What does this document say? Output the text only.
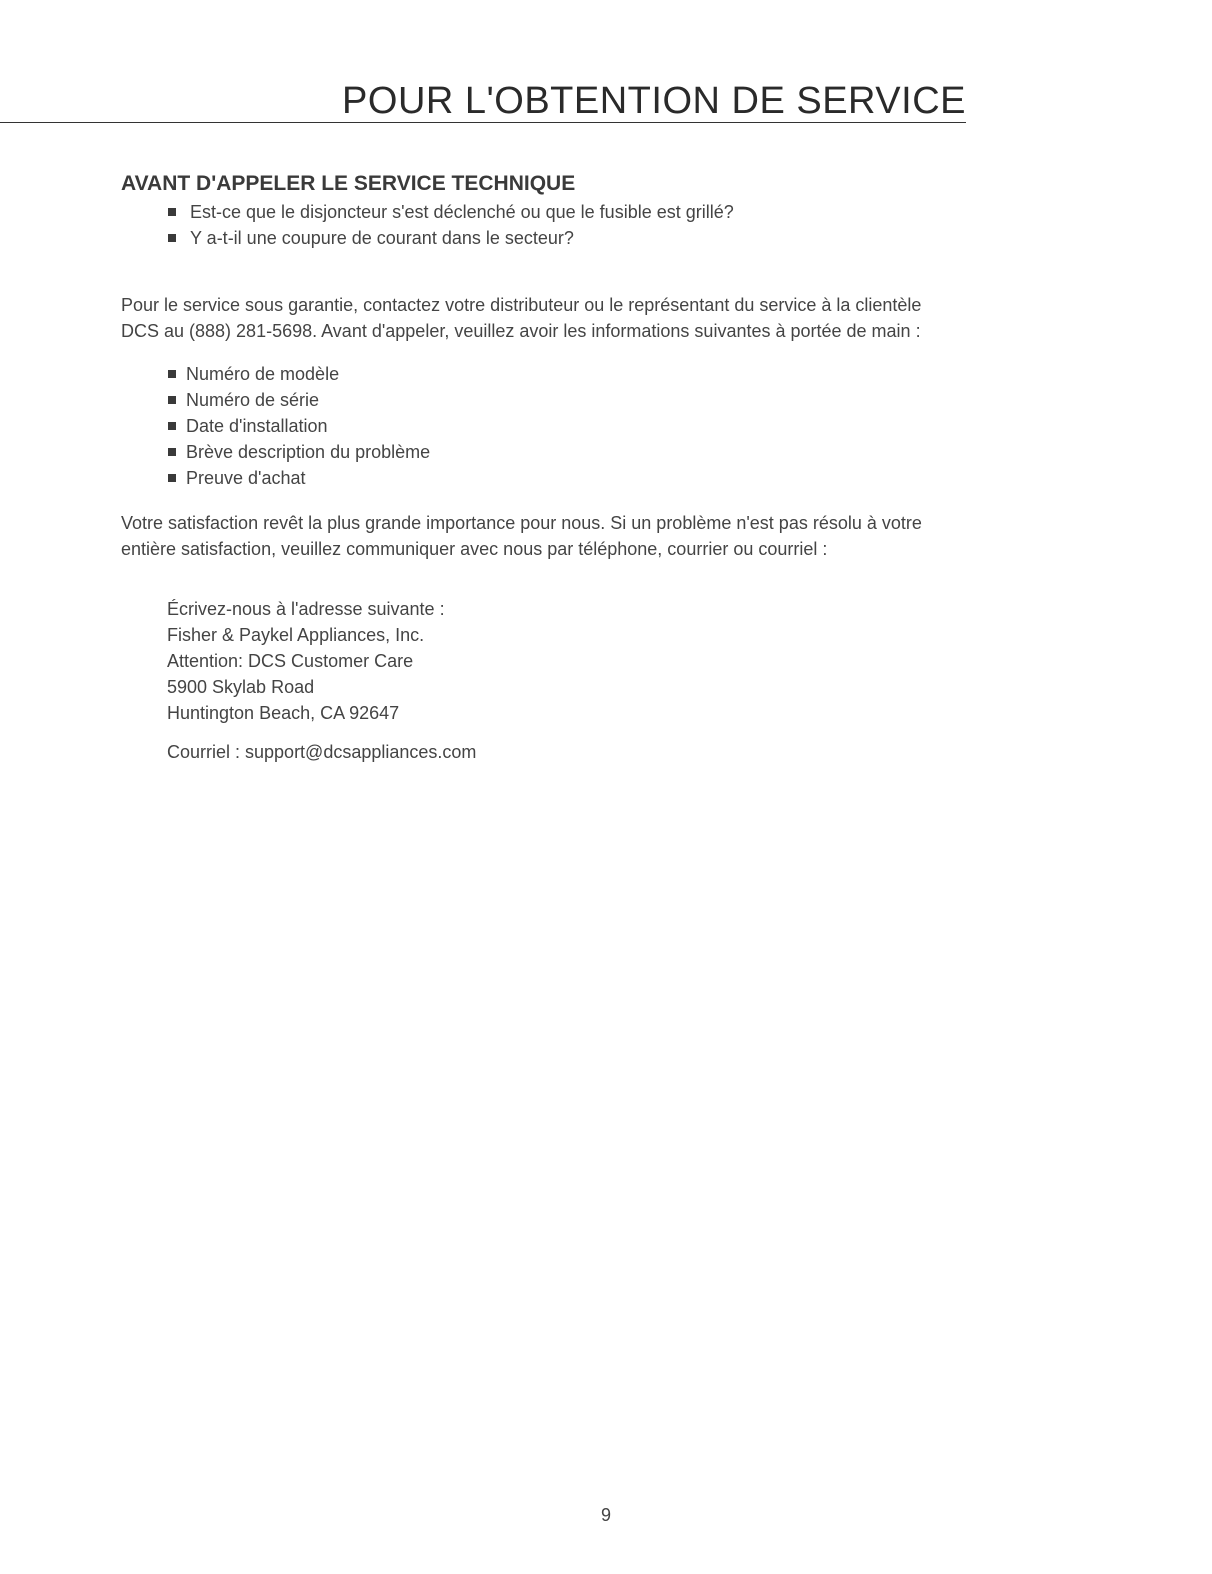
POUR L'OBTENTION DE SERVICE
AVANT D'APPELER LE SERVICE TECHNIQUE
Est-ce que le disjoncteur s'est déclenché ou que le fusible est grillé?
Y a-t-il une coupure de courant dans le secteur?

Pour le service sous garantie, contactez votre distributeur ou le représentant du service à la clientèle
DCS au (888) 281-5698. Avant d'appeler, veuillez avoir les informations suivantes à portée de main :

Numéro de modèle
Numéro de série
Date d'installation
Brève description du problème
Preuve d'achat

Votre satisfaction revêt la plus grande importance pour nous. Si un problème n'est pas résolu à votre
entière satisfaction, veuillez communiquer avec nous par téléphone, courrier ou courriel :

Écrivez-nous à l'adresse suivante :
Fisher & Paykel Appliances, Inc.
Attention: DCS Customer Care
5900 Skylab Road
Huntington Beach, CA 92647
Courriel : support@dcsappliances.com
9
